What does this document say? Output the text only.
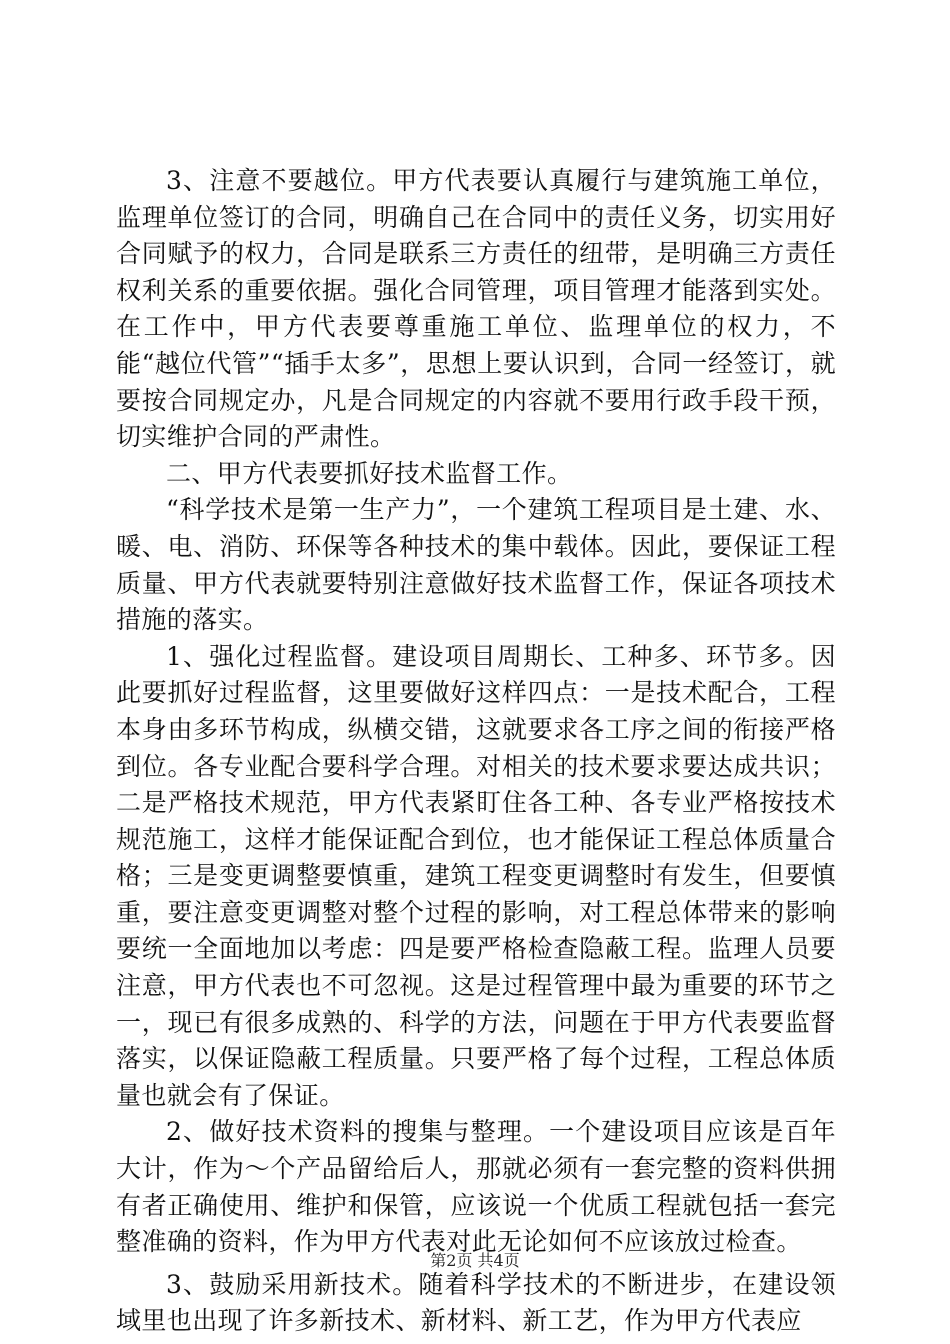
3、注意不要越位。甲方代表要认真履行与建筑施工单位，监理单位签订的合同，明确自己在合同中的责任义务，切实用好合同赋予的权力，合同是联系三方责任的纽带，是明确三方责任权利关系的重要依据。强化合同管理，项目管理才能落到实处。在工作中，甲方代表要尊重施工单位、监理单位的权力，不能“越位代管”“插手太多”，思想上要认识到，合同一经签订，就要按合同规定办，凡是合同规定的内容就不要用行政手段干预，切实维护合同的严肃性。

二、甲方代表要抓好技术监督工作。

“科学技术是第一生产力”，一个建筑工程项目是土建、水、暖、电、消防、环保等各种技术的集中载体。因此，要保证工程质量、甲方代表就要特别注意做好技术监督工作，保证各项技术措施的落实。

1、强化过程监督。建设项目周期长、工种多、环节多。因此要抓好过程监督，这里要做好这样四点：一是技术配合，工程本身由多环节构成，纵横交错，这就要求各工序之间的衔接严格到位。各专业配合要科学合理。对相关的技术要求要达成共识；二是严格技术规范，甲方代表紧盯住各工种、各专业严格按技术规范施工，这样才能保证配合到位，也才能保证工程总体质量合格；三是变更调整要慎重，建筑工程变更调整时有发生，但要慎重，要注意变更调整对整个过程的影响，对工程总体带来的影响要统一全面地加以考虑：四是要严格检查隐蔽工程。监理人员要注意，甲方代表也不可忽视。这是过程管理中最为重要的环节之一，现已有很多成熟的、科学的方法，问题在于甲方代表要监督落实，以保证隐蔽工程质量。只要严格了每个过程，工程总体质量也就会有了保证。

2、做好技术资料的搜集与整理。一个建设项目应该是百年大计，作为～个产品留给后人，那就必须有一套完整的资料供拥有者正确使用、维护和保管，应该说一个优质工程就包括一套完整准确的资料，作为甲方代表对此无论如何不应该放过检查。

3、鼓励采用新技术。随着科学技术的不断进步，在建设领域里也出现了许多新技术、新材料、新工艺，作为甲方代表应

第2页 共4页
